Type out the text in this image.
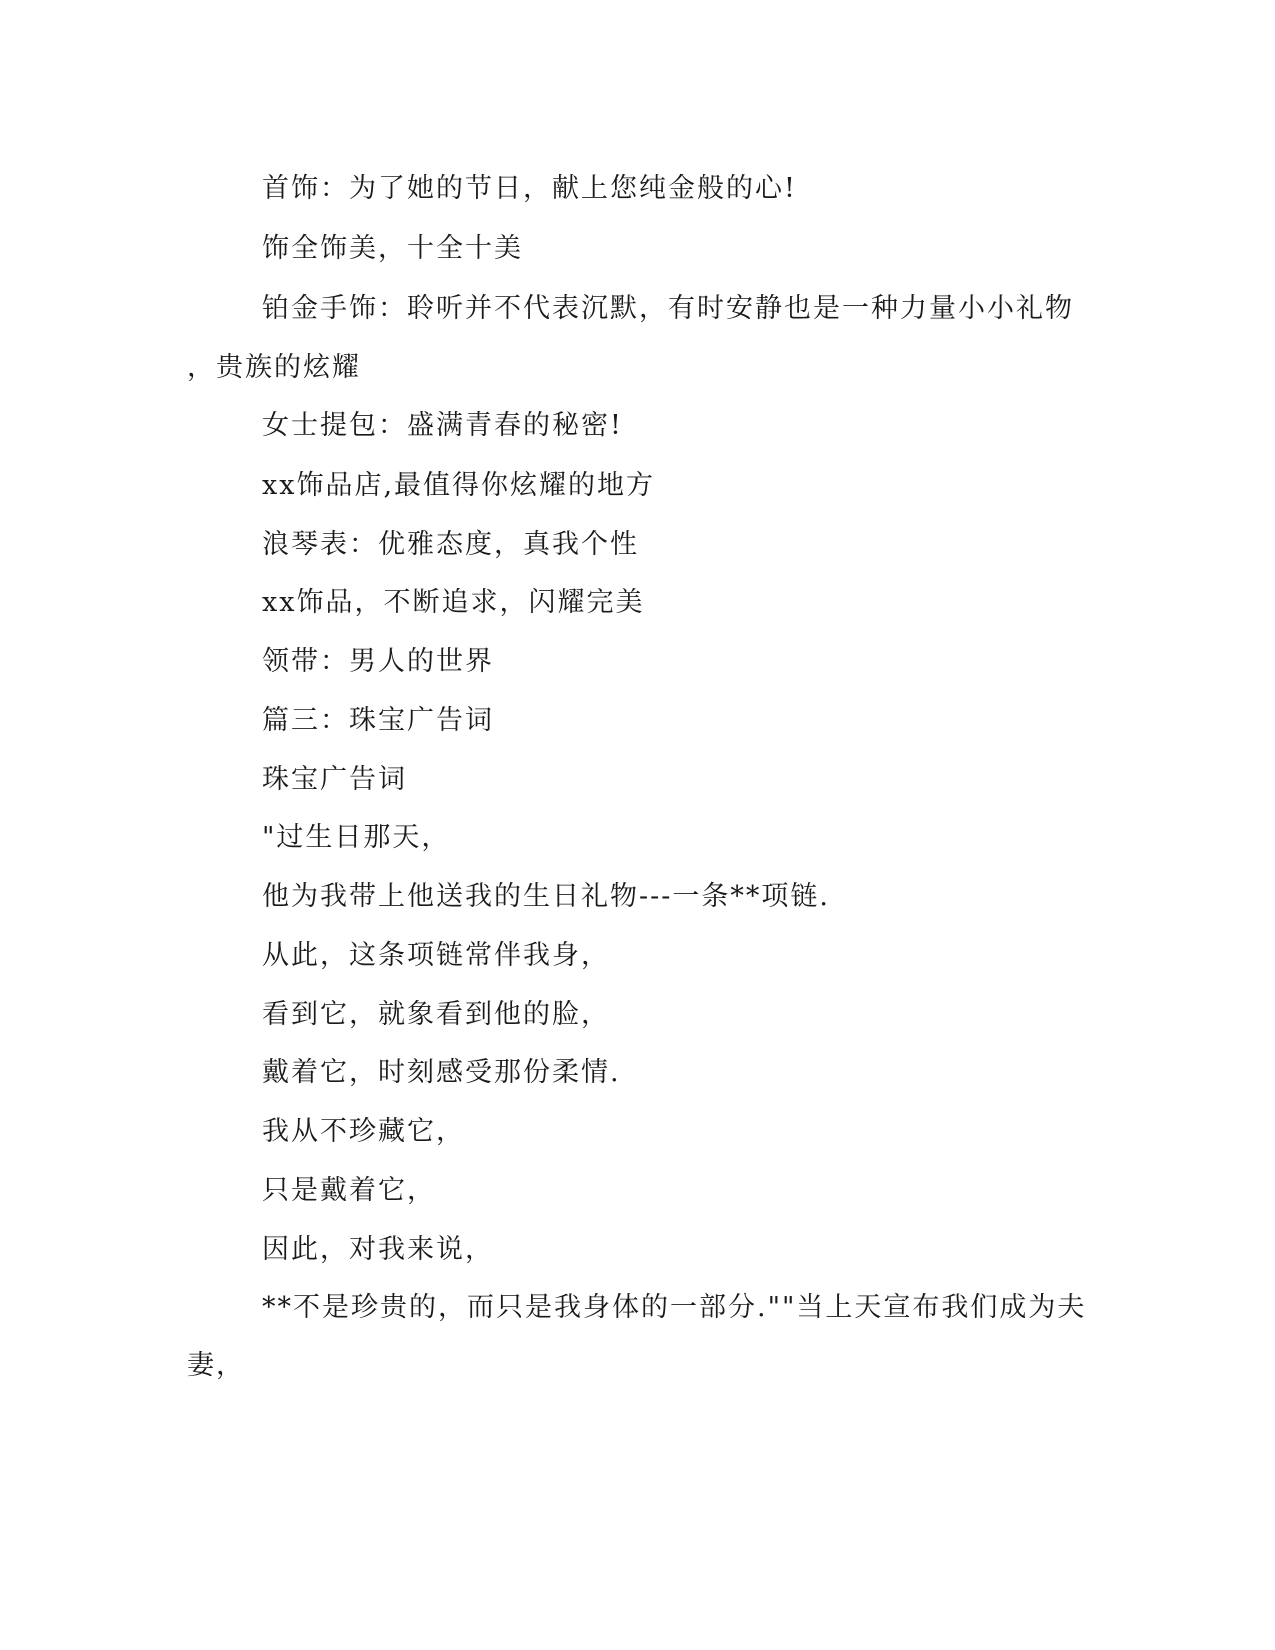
首饰：为了她的节日，献上您纯金般的心!
饰全饰美，十全十美
铂金手饰：聆听并不代表沉默，有时安静也是一种力量小小礼物
，贵族的炫耀
女士提包：盛满青春的秘密!
xx饰品店,最值得你炫耀的地方
浪琴表：优雅态度，真我个性
xx饰品，不断追求，闪耀完美
领带：男人的世界
篇三：珠宝广告词
珠宝广告词
"过生日那天，
他为我带上他送我的生日礼物---一条**项链.
从此，这条项链常伴我身，
看到它，就象看到他的脸，
戴着它，时刻感受那份柔情.
我从不珍藏它，
只是戴着它，
因此，对我来说，
**不是珍贵的，而只是我身体的一部分.""当上天宣布我们成为夫
妻，
